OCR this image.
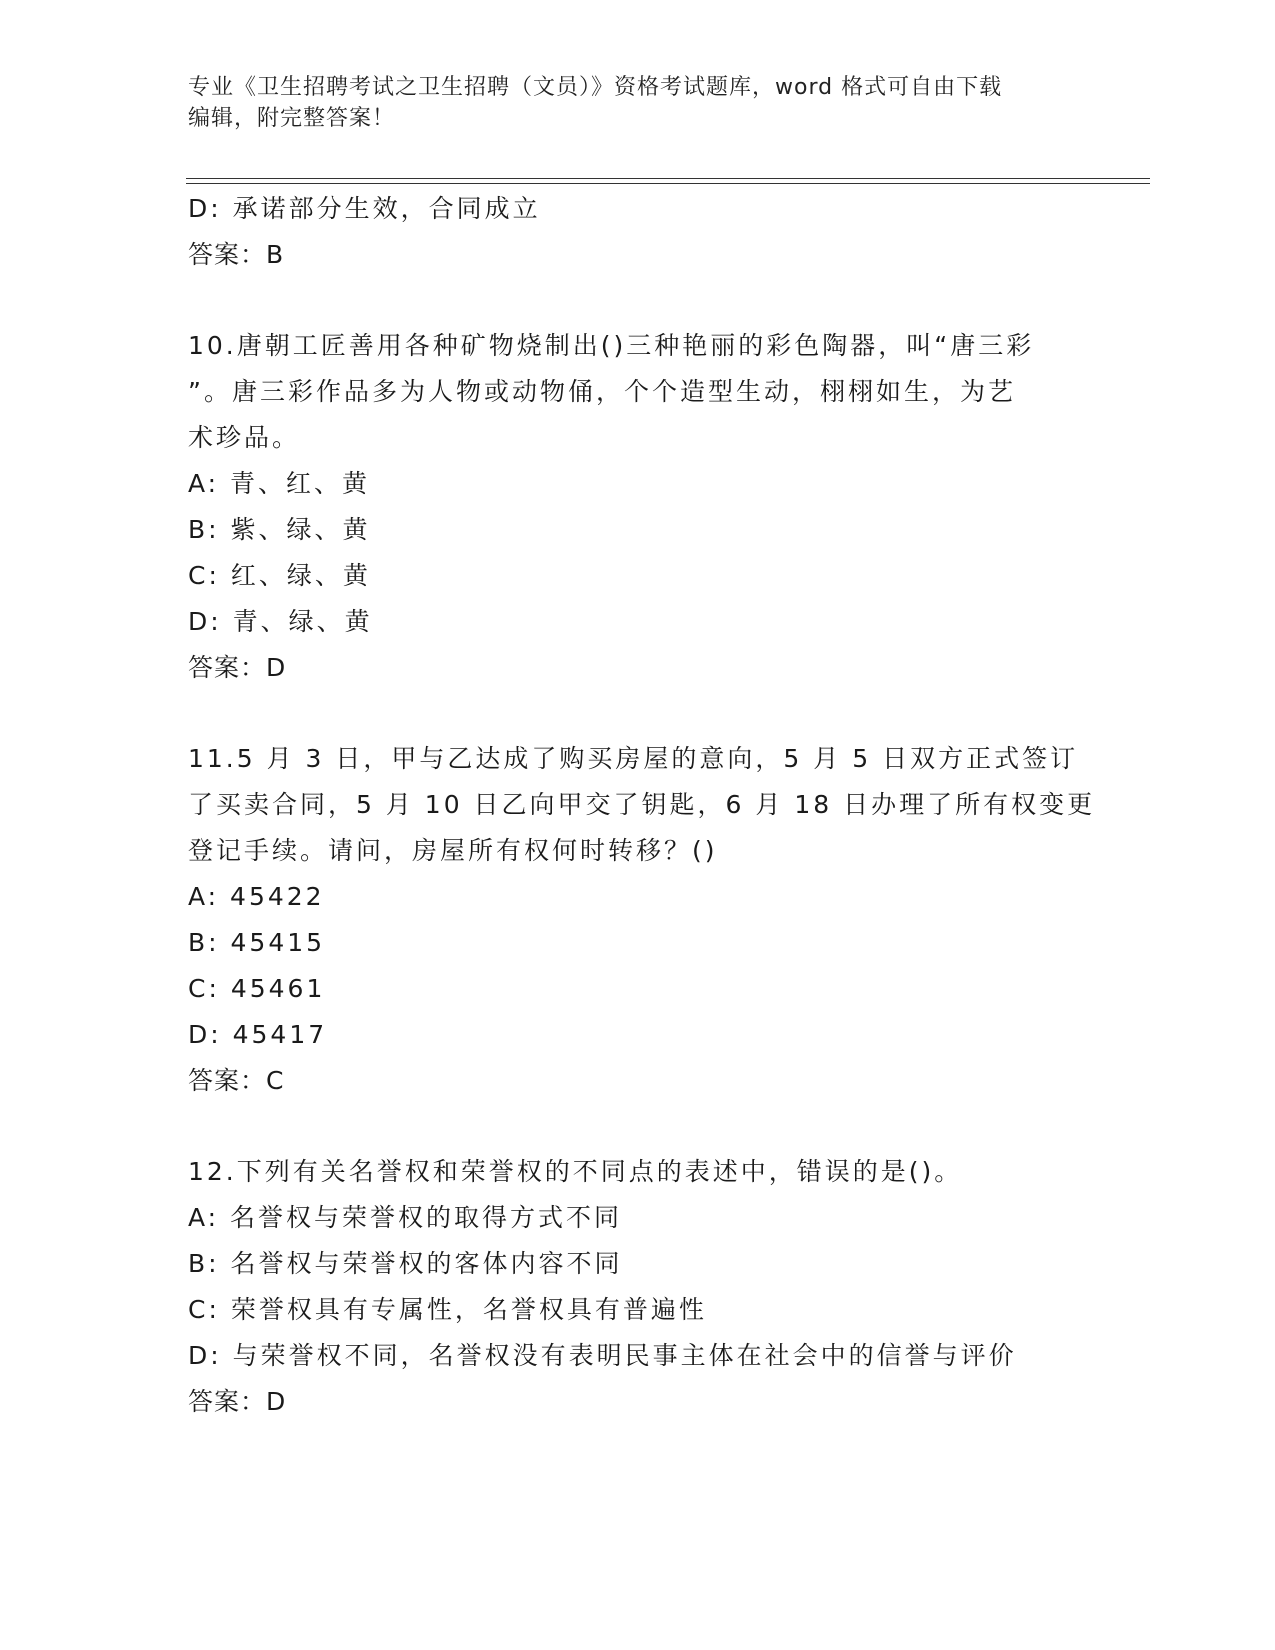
专业《卫生招聘考试之卫生招聘（文员）》资格考试题库，word 格式可自由下载
编辑，附完整答案！

D: 承诺部分生效，合同成立

答案：B

10.唐朝工匠善用各种矿物烧制出()三种艳丽的彩色陶器，叫“唐三彩

”。唐三彩作品多为人物或动物俑，个个造型生动，栩栩如生，为艺

术珍品。

A: 青、红、黄

B: 紫、绿、黄

C: 红、绿、黄

D: 青、绿、黄

答案：D

11.5 月 3 日，甲与乙达成了购买房屋的意向，5 月 5 日双方正式签订

了买卖合同，5 月 10 日乙向甲交了钥匙，6 月 18 日办理了所有权变更

登记手续。请问，房屋所有权何时转移？()

A: 45422

B: 45415

C: 45461

D: 45417

答案：C

12.下列有关名誉权和荣誉权的不同点的表述中，错误的是()。

A: 名誉权与荣誉权的取得方式不同

B: 名誉权与荣誉权的客体内容不同

C: 荣誉权具有专属性，名誉权具有普遍性

D: 与荣誉权不同，名誉权没有表明民事主体在社会中的信誉与评价

答案：D
